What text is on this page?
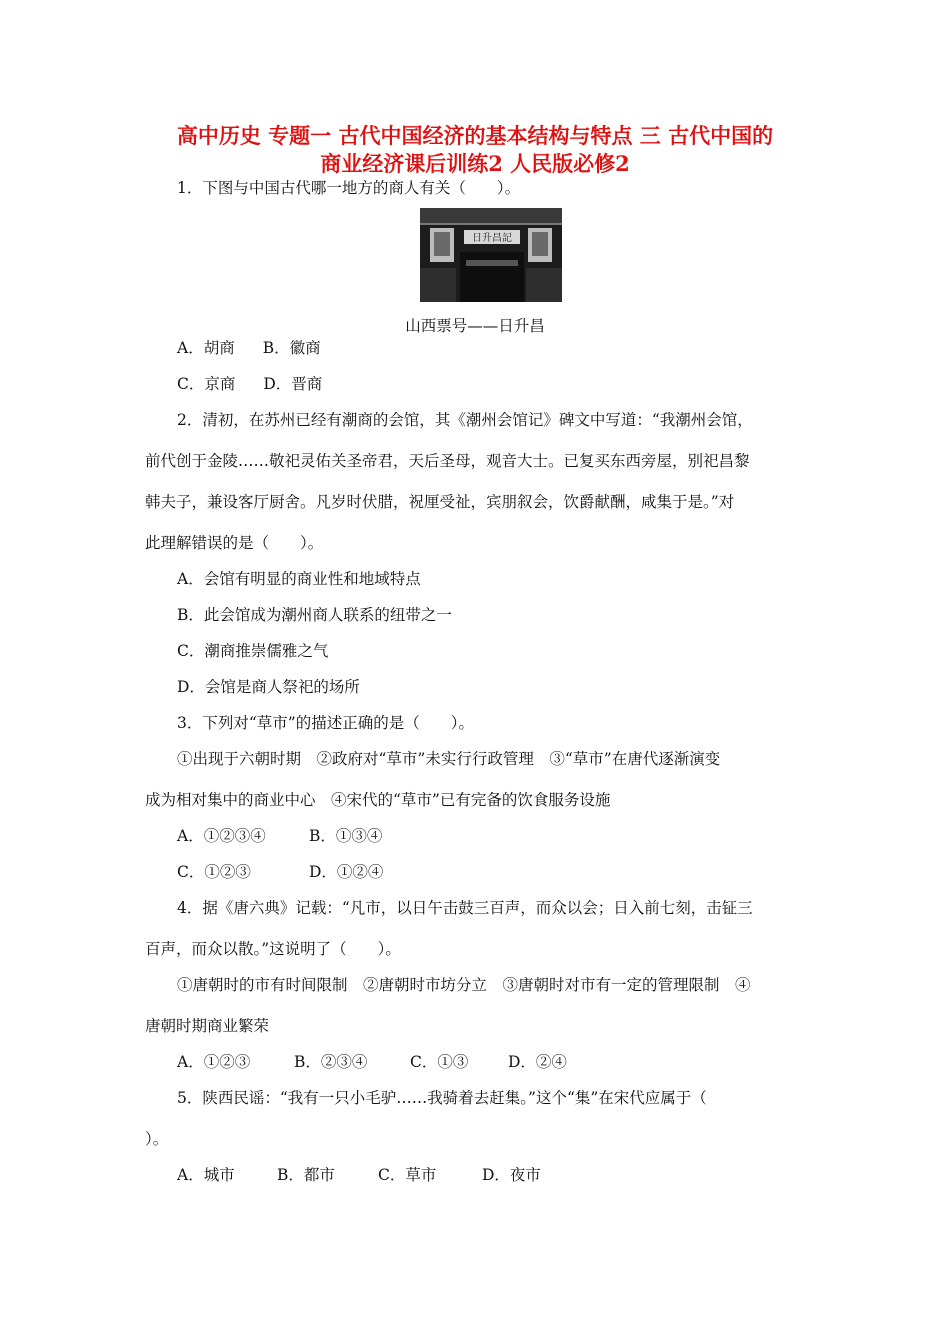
高中历史 专题一 古代中国经济的基本结构与特点 三 古代中国的
商业经济课后训练2 人民版必修2
1．下图与中国古代哪一地方的商人有关（　　）。
日升昌記
山西票号——日升昌
A．胡商 B．徽商
C．京商 D．晋商
2．清初，在苏州已经有潮商的会馆，其《潮州会馆记》碑文中写道：“我潮州会馆，
前代创于金陵……敬祀灵佑关圣帝君，天后圣母，观音大士。已复买东西旁屋，别祀昌黎
韩夫子，兼设客厅厨舍。凡岁时伏腊，祝厘受祉，宾朋叙会，饮爵献酬，咸集于是。”对
此理解错误的是（　　）。
A．会馆有明显的商业性和地域特点
B．此会馆成为潮州商人联系的纽带之一
C．潮商推崇儒雅之气
D．会馆是商人祭祀的场所
3．下列对“草市”的描述正确的是（　　）。
①出现于六朝时期　②政府对“草市”未实行行政管理　③“草市”在唐代逐渐演变
成为相对集中的商业中心　④宋代的“草市”已有完备的饮食服务设施
A．①②③④	B．①③④
C．①②③	D．①②④
4．据《唐六典》记载：“凡市，以日午击鼓三百声，而众以会；日入前七刻，击钲三
百声，而众以散。”这说明了（　　）。
①唐朝时的市有时间限制　②唐朝时市坊分立　③唐朝时对市有一定的管理限制　④
唐朝时期商业繁荣
A．①②③	B．②③④	C．①③	D．②④
5．陕西民谣：“我有一只小毛驴……我骑着去赶集。”这个“集”在宋代应属于（
）。
A．城市	B．都市	C．草市	D．夜市
